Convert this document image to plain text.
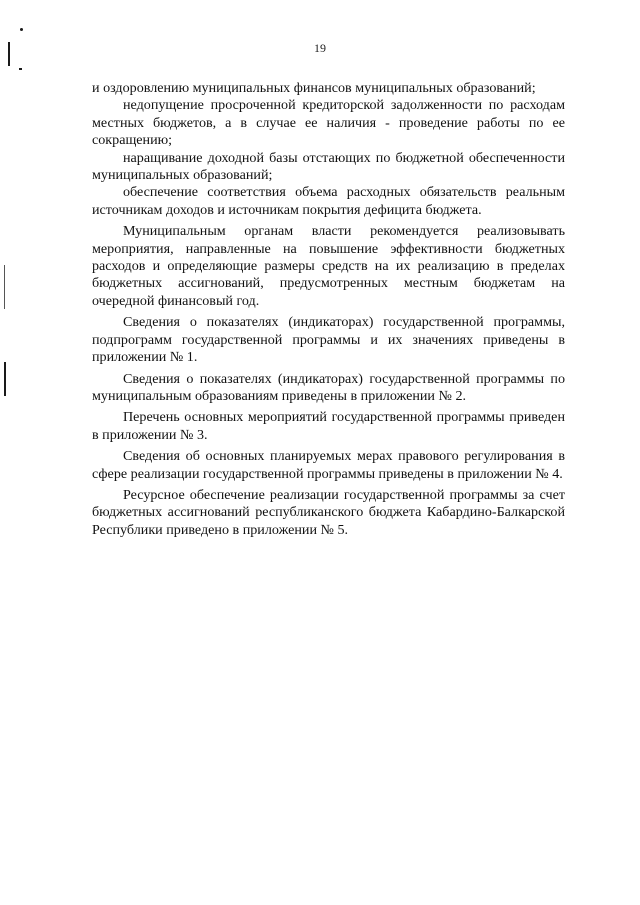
19

и оздоровлению муниципальных финансов муниципальных образований;

недопущение просроченной кредиторской задолженности по расходам местных бюджетов, а в случае ее наличия - проведение работы по ее сокращению;

наращивание доходной базы отстающих по бюджетной обеспеченности муниципальных образований;

обеспечение соответствия объема расходных обязательств реальным источникам доходов и источникам покрытия дефицита бюджета.

Муниципальным органам власти рекомендуется реализовывать мероприятия, направленные на повышение эффективности бюджетных расходов и определяющие размеры средств на их реализацию в пределах бюджетных ассигнований, предусмотренных местным бюджетам на очередной финансовый год.

Сведения о показателях (индикаторах) государственной программы, подпрограмм государственной программы и их значениях приведены в приложении № 1.

Сведения о показателях (индикаторах) государственной программы по муниципальным образованиям приведены в приложении № 2.

Перечень основных мероприятий государственной программы приведен в приложении № 3.

Сведения об основных планируемых мерах правового регулирования в сфере реализации государственной программы приведены в приложении № 4.

Ресурсное обеспечение реализации государственной программы за счет бюджетных ассигнований республиканского бюджета Кабардино-Балкарской Республики приведено в приложении № 5.
